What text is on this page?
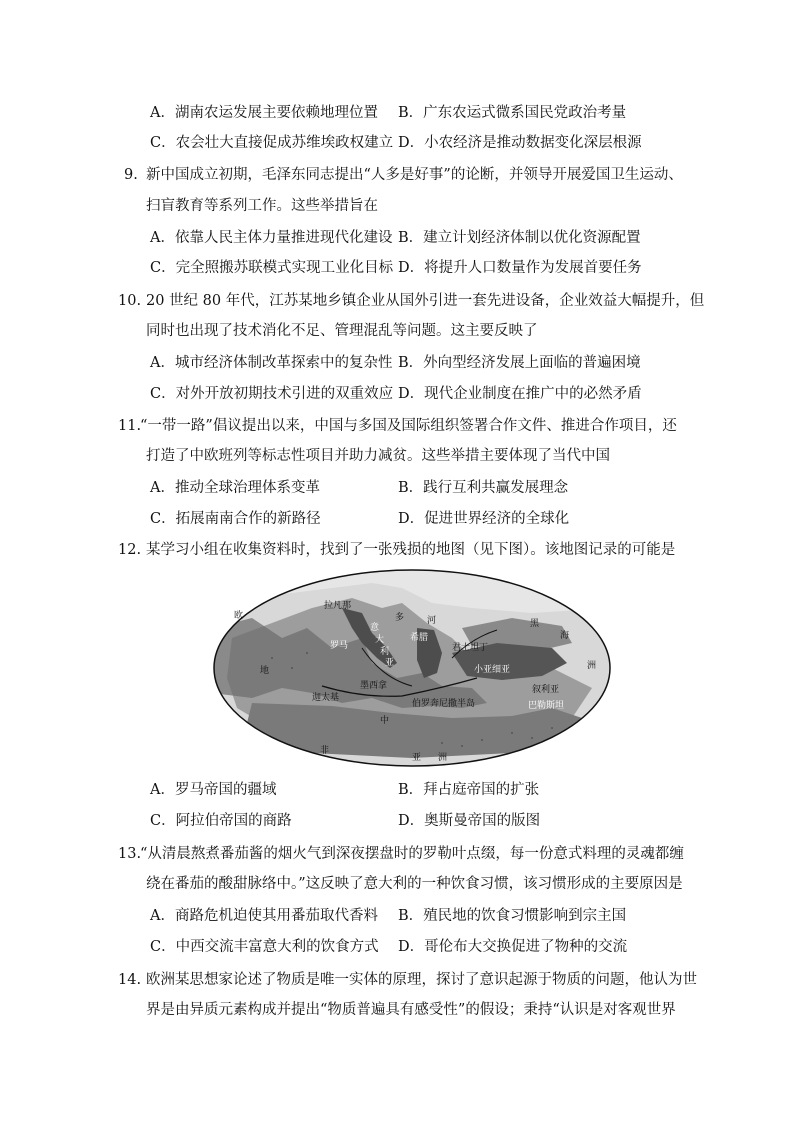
A．湖南农运发展主要依赖地理位置 B．广东农运式微系国民党政治考量
C．农会壮大直接促成苏维埃政权建立 D．小农经济是推动数据变化深层根源
9. 新中国成立初期，毛泽东同志提出“人多是好事”的论断，并领导开展爱国卫生运动、
扫盲教育等系列工作。这些举措旨在
A．依靠人民主体力量推进现代化建设 B．建立计划经济体制以优化资源配置
C．完全照搬苏联模式实现工业化目标 D．将提升人口数量作为发展首要任务
10. 20 世纪 80 年代，江苏某地乡镇企业从国外引进一套先进设备，企业效益大幅提升，但
同时也出现了技术消化不足、管理混乱等问题。这主要反映了
A．城市经济体制改革探索中的复杂性 B．外向型经济发展上面临的普遍困境
C．对外开放初期技术引进的双重效应 D．现代企业制度在推广中的必然矛盾
11.
“一带一路”倡议提出以来，中国与多国及国际组织签署合作文件、推进合作项目，还
打造了中欧班列等标志性项目并助力减贫。这些举措主要体现了当代中国
A．推动全球治理体系变革	B．践行互利共赢发展理念
C．拓展南南合作的新路径	D．促进世界经济的全球化
12. 某学习小组在收集资料时，找到了一张残损的地图（见下图）。该地图记录的可能是
欧
地
拉凡那
罗马
意
大
利
亚
多	河
墨西拿
迦太基
中
希腊
伯罗奔尼撒半岛
君士坦丁
小亚细亚
黑
海
洲
叙利亚
巴勒斯坦
非
亚 洲
A．罗马帝国的疆域	B．拜占庭帝国的扩张
C．阿拉伯帝国的商路	D．奥斯曼帝国的版图
13.
“从清晨熬煮番茄酱的烟火气到深夜摆盘时的罗勒叶点缀，每一份意式料理的灵魂都缠
绕在番茄的酸甜脉络中。”这反映了意大利的一种饮食习惯，该习惯形成的主要原因是
A．商路危机迫使其用番茄取代香料 B．殖民地的饮食习惯影响到宗主国
C．中西交流丰富意大利的饮食方式 D．哥伦布大交换促进了物种的交流
14. 欧洲某思想家论述了物质是唯一实体的原理，探讨了意识起源于物质的问题，他认为世
界是由异质元素构成并提出“物质普遍具有感受性”的假设；秉持“认识是对客观世界
